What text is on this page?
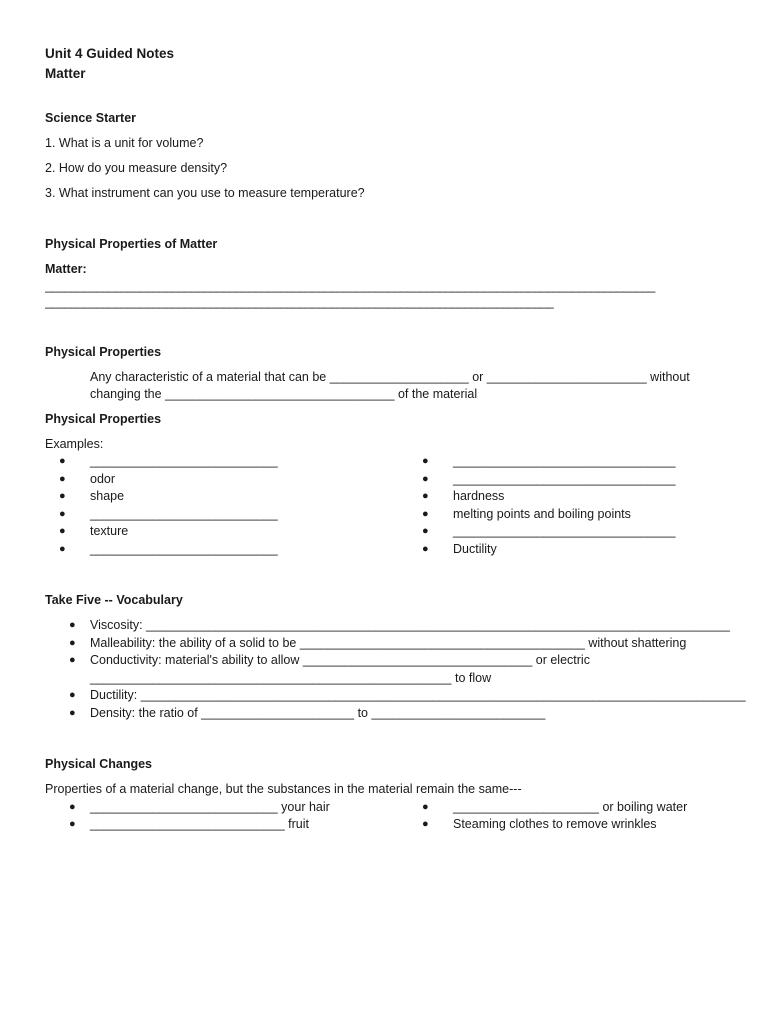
Unit 4 Guided Notes
Matter
Science Starter
1. What is a unit for volume?
2. How do you measure density?
3. What instrument can you use to measure temperature?
Physical Properties of Matter
Matter:
________________________________________________________________________________________________
________________________________________________________________________________
Physical Properties
Any characteristic of a material that can be ____________________ or _______________________ without
changing the _________________________________ of the material
Physical Properties
Examples:
● ___________________________
● odor
● shape
● ___________________________
● texture
● ___________________________
● ________________________________
● ________________________________
● hardness
● melting points and boiling points
● ________________________________
● Ductility
Take Five -- Vocabulary
● Viscosity: ____________________________________________________________________________________
● Malleability: the ability of a solid to be _________________________________________ without shattering
● Conductivity: material's ability to allow _________________________________ or electric
____________________________________________________ to flow
● Ductility: _______________________________________________________________________________________
● Density: the ratio of ______________________ to _________________________
Physical Changes
Properties of a material change, but the substances in the material remain the same---
● ___________________________ your hair
● ____________________________ fruit
● _____________________ or boiling water
● Steaming clothes to remove wrinkles
